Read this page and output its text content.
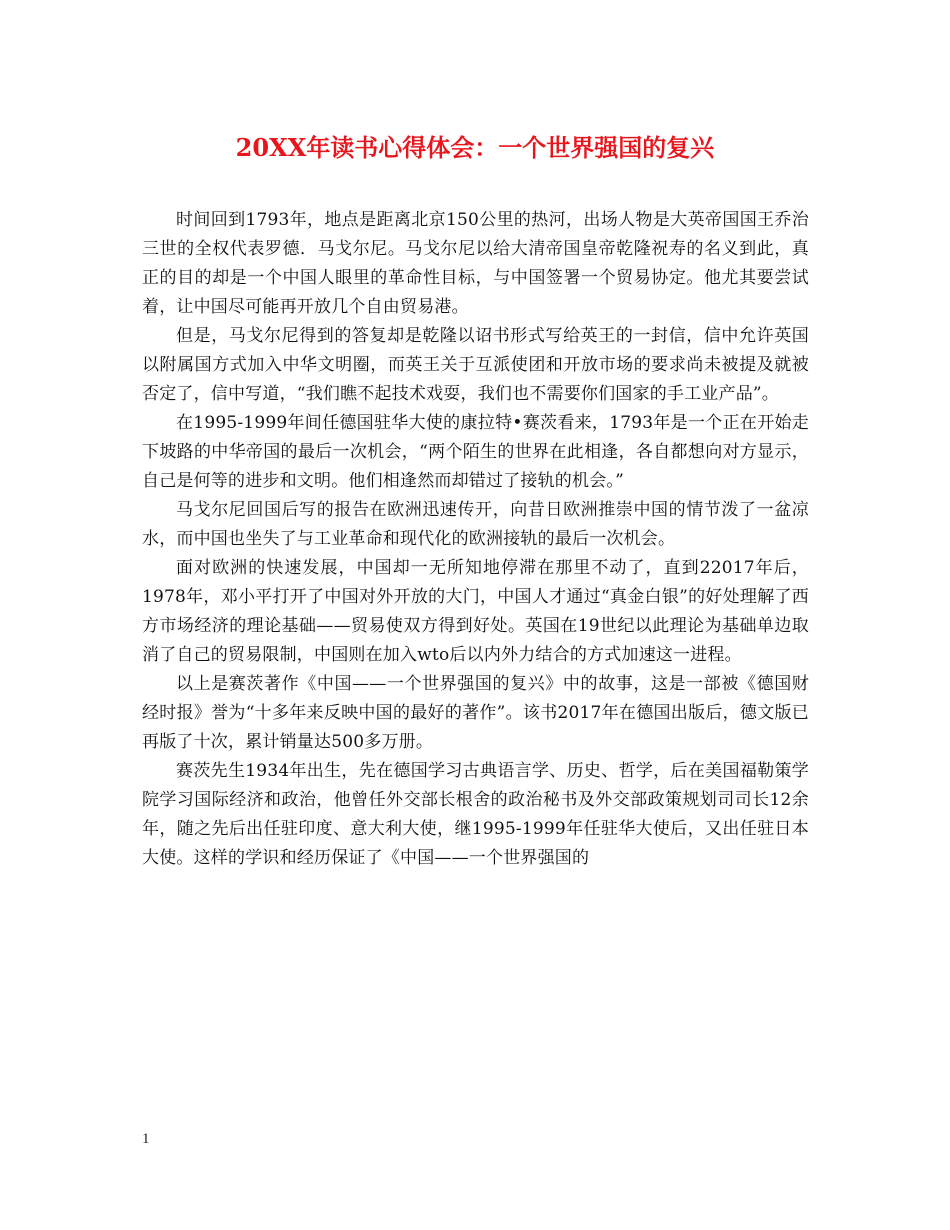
20XX年读书心得体会：一个世界强国的复兴

时间回到1793年，地点是距离北京150公里的热河，出场人物是大英帝国国王乔治三世的全权代表罗德．马戈尔尼。马戈尔尼以给大清帝国皇帝乾隆祝寿的名义到此，真正的目的却是一个中国人眼里的革命性目标，与中国签署一个贸易协定。他尤其要尝试着，让中国尽可能再开放几个自由贸易港。

但是，马戈尔尼得到的答复却是乾隆以诏书形式写给英王的一封信，信中允许英国以附属国方式加入中华文明圈，而英王关于互派使团和开放市场的要求尚未被提及就被否定了，信中写道，“我们瞧不起技术戏耍，我们也不需要你们国家的手工业产品”。

在1995-1999年间任德国驻华大使的康拉特•赛茨看来，1793年是一个正在开始走下坡路的中华帝国的最后一次机会，“两个陌生的世界在此相逢，各自都想向对方显示，自己是何等的进步和文明。他们相逢然而却错过了接轨的机会。”

马戈尔尼回国后写的报告在欧洲迅速传开，向昔日欧洲推崇中国的情节泼了一盆凉水，而中国也坐失了与工业革命和现代化的欧洲接轨的最后一次机会。

面对欧洲的快速发展，中国却一无所知地停滞在那里不动了，直到22017年后，1978年，邓小平打开了中国对外开放的大门，中国人才通过“真金白银”的好处理解了西方市场经济的理论基础——贸易使双方得到好处。英国在19世纪以此理论为基础单边取消了自己的贸易限制，中国则在加入wto后以内外力结合的方式加速这一进程。

以上是赛茨著作《中国——一个世界强国的复兴》中的故事，这是一部被《德国财经时报》誉为“十多年来反映中国的最好的著作”。该书2017年在德国出版后，德文版已再版了十次，累计销量达500多万册。

赛茨先生1934年出生，先在德国学习古典语言学、历史、哲学，后在美国福勒策学院学习国际经济和政治，他曾任外交部长根舍的政治秘书及外交部政策规划司司长12余年，随之先后出任驻印度、意大利大使，继1995-1999年任驻华大使后，又出任驻日本大使。这样的学识和经历保证了《中国——一个世界强国的

1
